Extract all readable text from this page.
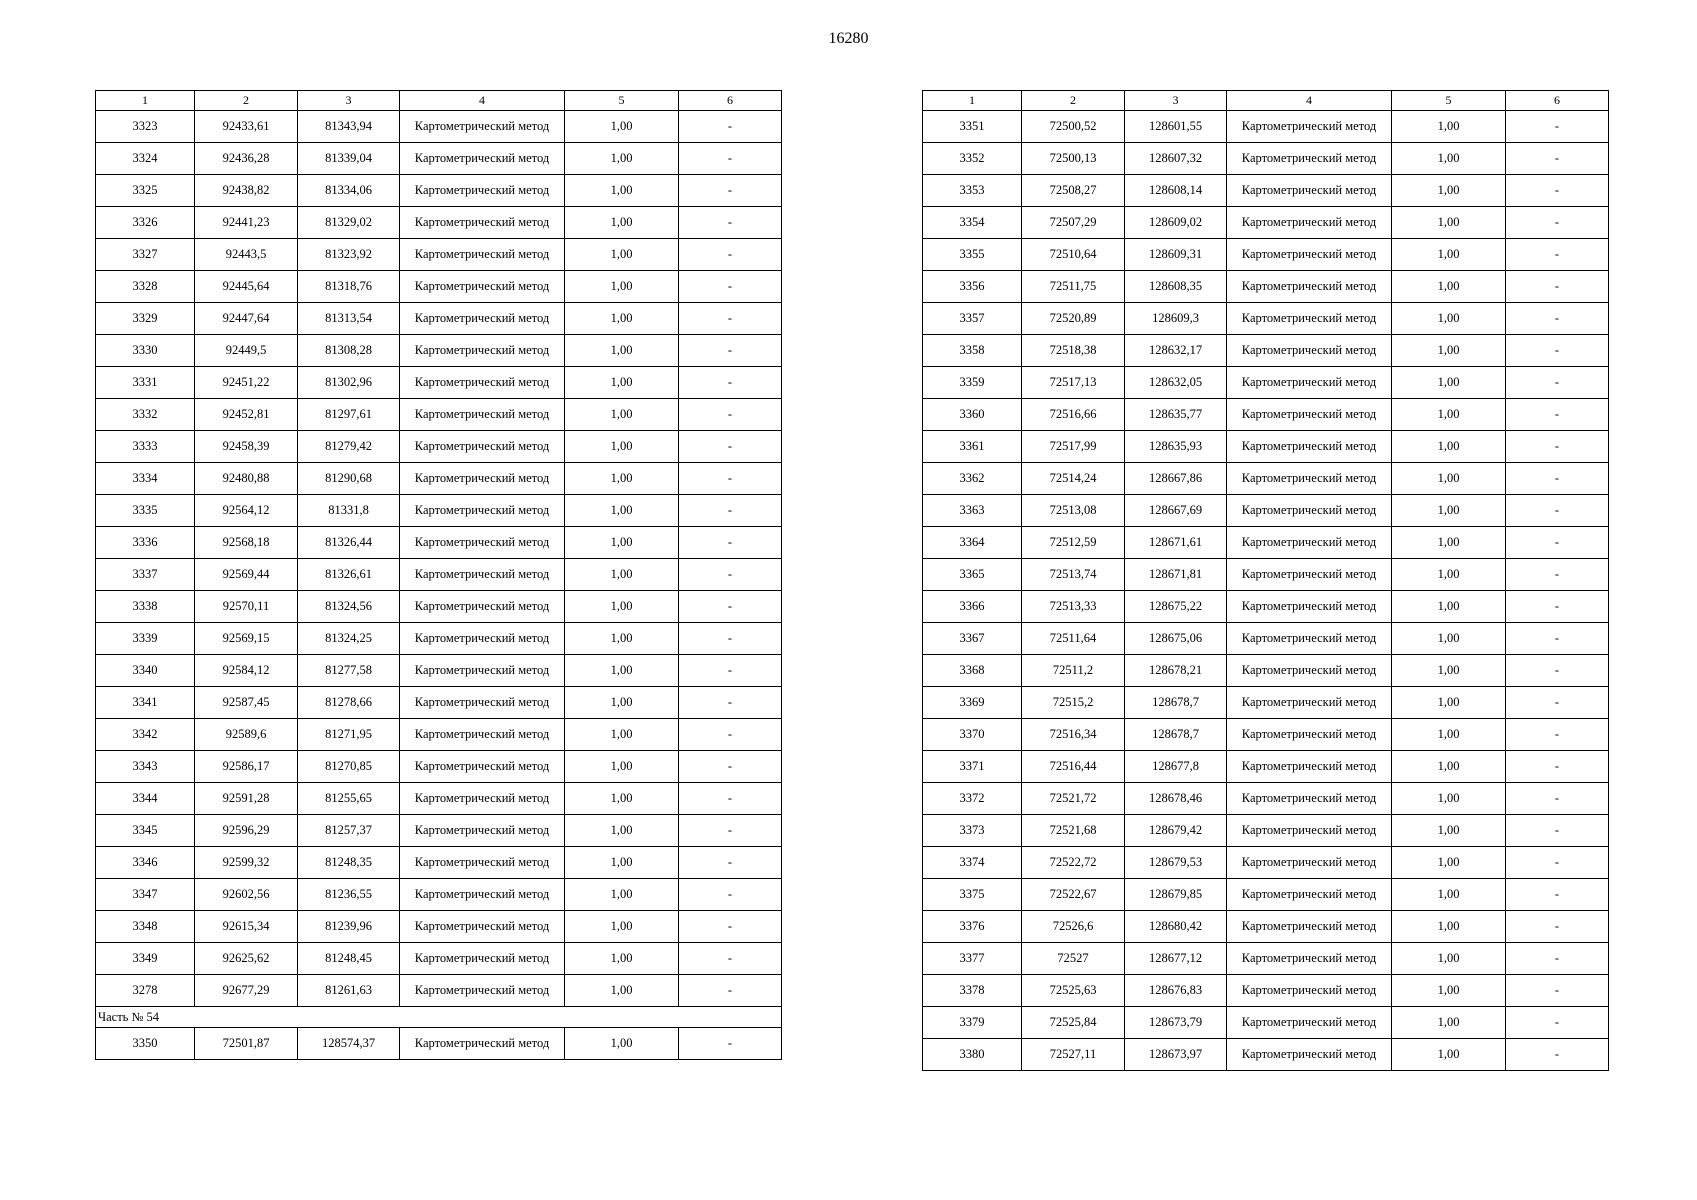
16280
1	2	3	4	5	6
3323	92433,61	81343,94	Картометрический метод	1,00	-
3324	92436,28	81339,04	Картометрический метод	1,00	-
3325	92438,82	81334,06	Картометрический метод	1,00	-
3326	92441,23	81329,02	Картометрический метод	1,00	-
3327	92443,5	81323,92	Картометрический метод	1,00	-
3328	92445,64	81318,76	Картометрический метод	1,00	-
3329	92447,64	81313,54	Картометрический метод	1,00	-
3330	92449,5	81308,28	Картометрический метод	1,00	-
3331	92451,22	81302,96	Картометрический метод	1,00	-
3332	92452,81	81297,61	Картометрический метод	1,00	-
3333	92458,39	81279,42	Картометрический метод	1,00	-
3334	92480,88	81290,68	Картометрический метод	1,00	-
3335	92564,12	81331,8	Картометрический метод	1,00	-
3336	92568,18	81326,44	Картометрический метод	1,00	-
3337	92569,44	81326,61	Картометрический метод	1,00	-
3338	92570,11	81324,56	Картометрический метод	1,00	-
3339	92569,15	81324,25	Картометрический метод	1,00	-
3340	92584,12	81277,58	Картометрический метод	1,00	-
3341	92587,45	81278,66	Картометрический метод	1,00	-
3342	92589,6	81271,95	Картометрический метод	1,00	-
3343	92586,17	81270,85	Картометрический метод	1,00	-
3344	92591,28	81255,65	Картометрический метод	1,00	-
3345	92596,29	81257,37	Картометрический метод	1,00	-
3346	92599,32	81248,35	Картометрический метод	1,00	-
3347	92602,56	81236,55	Картометрический метод	1,00	-
3348	92615,34	81239,96	Картометрический метод	1,00	-
3349	92625,62	81248,45	Картометрический метод	1,00	-
3278	92677,29	81261,63	Картометрический метод	1,00	-
Часть № 54					
3350	72501,87	128574,37	Картометрический метод	1,00	-
1	2	3	4	5	6
3351	72500,52	128601,55	Картометрический метод	1,00	-
3352	72500,13	128607,32	Картометрический метод	1,00	-
3353	72508,27	128608,14	Картометрический метод	1,00	-
3354	72507,29	128609,02	Картометрический метод	1,00	-
3355	72510,64	128609,31	Картометрический метод	1,00	-
3356	72511,75	128608,35	Картометрический метод	1,00	-
3357	72520,89	128609,3	Картометрический метод	1,00	-
3358	72518,38	128632,17	Картометрический метод	1,00	-
3359	72517,13	128632,05	Картометрический метод	1,00	-
3360	72516,66	128635,77	Картометрический метод	1,00	-
3361	72517,99	128635,93	Картометрический метод	1,00	-
3362	72514,24	128667,86	Картометрический метод	1,00	-
3363	72513,08	128667,69	Картометрический метод	1,00	-
3364	72512,59	128671,61	Картометрический метод	1,00	-
3365	72513,74	128671,81	Картометрический метод	1,00	-
3366	72513,33	128675,22	Картометрический метод	1,00	-
3367	72511,64	128675,06	Картометрический метод	1,00	-
3368	72511,2	128678,21	Картометрический метод	1,00	-
3369	72515,2	128678,7	Картометрический метод	1,00	-
3370	72516,34	128678,7	Картометрический метод	1,00	-
3371	72516,44	128677,8	Картометрический метод	1,00	-
3372	72521,72	128678,46	Картометрический метод	1,00	-
3373	72521,68	128679,42	Картометрический метод	1,00	-
3374	72522,72	128679,53	Картометрический метод	1,00	-
3375	72522,67	128679,85	Картометрический метод	1,00	-
3376	72526,6	128680,42	Картометрический метод	1,00	-
3377	72527	128677,12	Картометрический метод	1,00	-
3378	72525,63	128676,83	Картометрический метод	1,00	-
3379	72525,84	128673,79	Картометрический метод	1,00	-
3380	72527,11	128673,97	Картометрический метод	1,00	-
